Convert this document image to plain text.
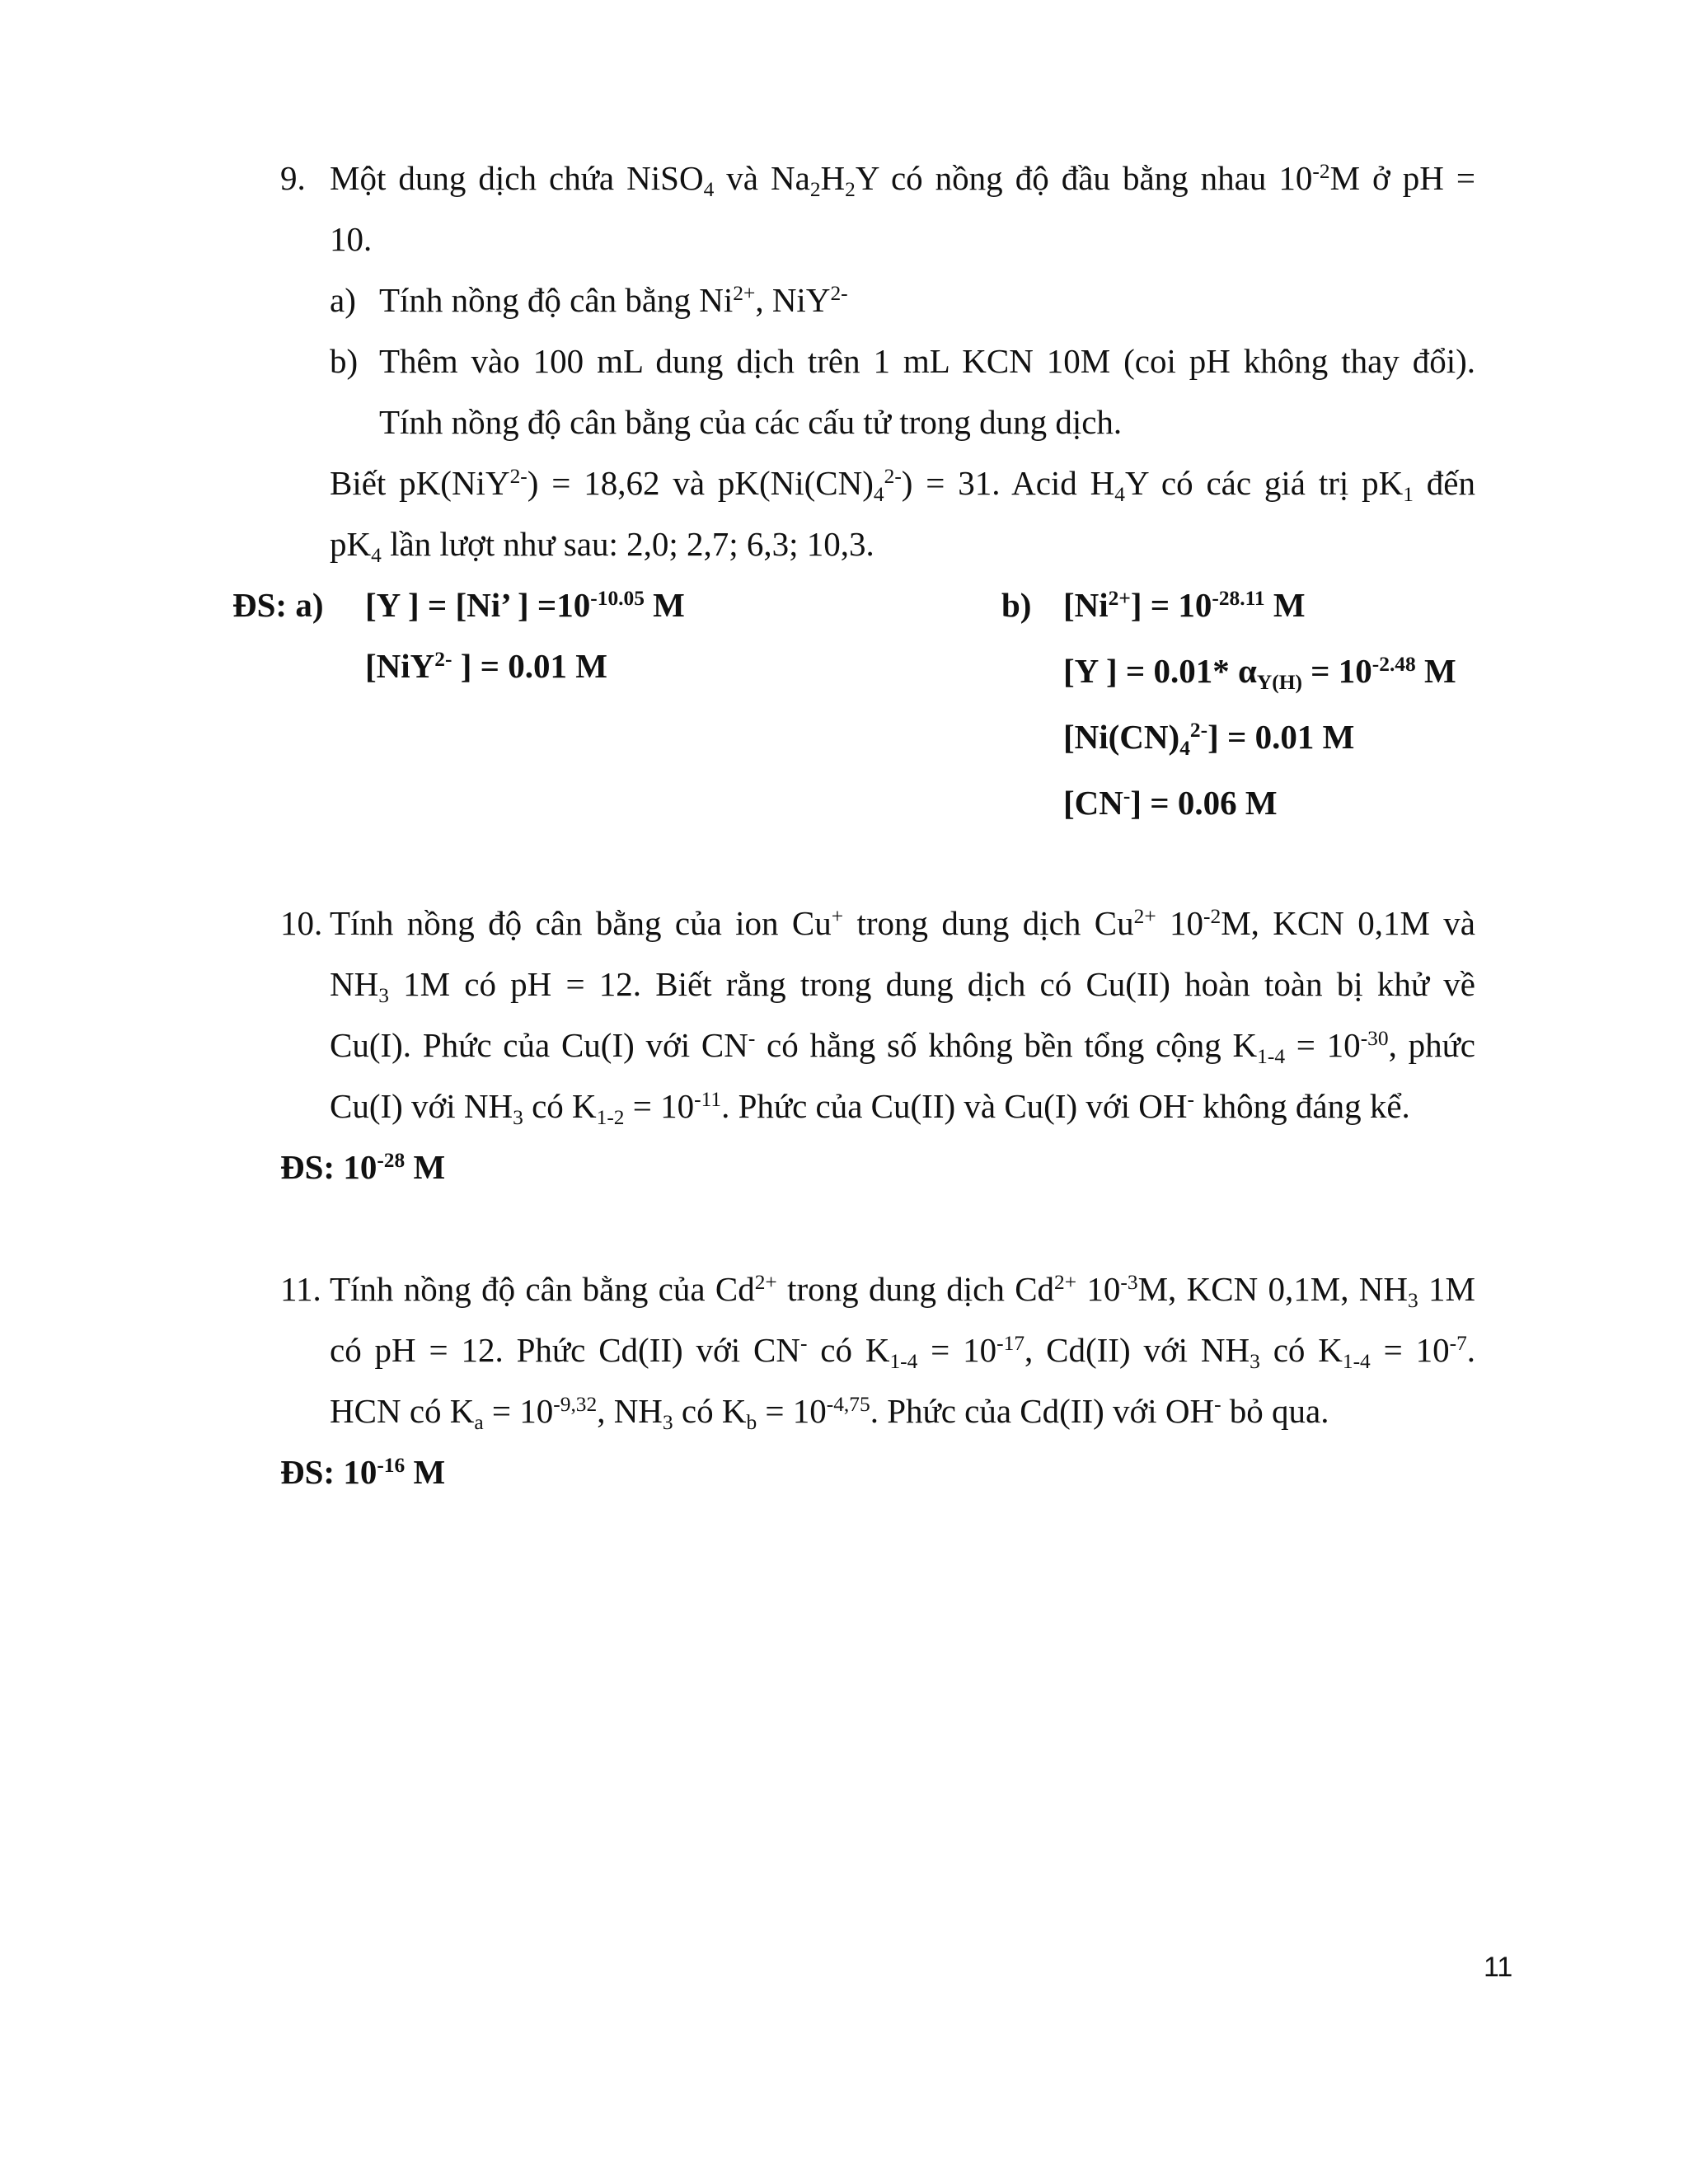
9. Một dung dịch chứa NiSO$_4$ và $Na_2H_2Y$ có nồng độ đầu bằng nhau $10^{-2}M$ ở pH =
10.
a) Tính nồng độ cân bằng $Ni^{2+}$, NiY$^{2-}$
b) Thêm vào 100 mL dung dịch trên 1 mL KCN 10M (coi pH không thay đổi).
Tính nồng độ cân bằng của các cấu tử trong dung dịch.
Biết pK(NiY$^{2-}$) = 18,62 và $pK(Ni(CN)_4^{2-}) = 31$. Acid $H_4Y$ có các giá trị $pK_1$ đến
$pK_4$ lần lượt như sau: 2,0; 2,7; 6,3; 10,3.
ĐS: a) [Y ] = [Ni’ ] $=10^{-10.05}$ M
[NiY$^{2-}$ ] = 0.01 M
b) $[Ni^{2+}] = 10^{-28.11}$ M
[Y ] = 0.01* $\alpha_{Y(H)} = 10^{-2.48}$ M
$[Ni(CN)_4^{2-}] = 0.01$ M
[CN-] = 0.06 M
10. Tính nồng độ cân bằng của ion Cu+ trong dung dịch $Cu^{2+}$ $10^{-2}M$, KCN 0,1M và
$NH_3$ 1M có pH = 12. Biết rằng trong dung dịch có Cu(II) hoàn toàn bị khử về
Cu(I). Phức của Cu(I) với CN- có hằng số không bền tổng cộng $K_{1-4} = 10^{-30}$, phức
Cu(I) với $NH_3$ có $K_{1-2} = 10^{-11}$. Phức của Cu(II) và Cu(I) với OH- không đáng kể.
ĐS: $10^{-28}$ M
11. Tính nồng độ cân bằng của $Cd^{2+}$ trong dung dịch $Cd^{2+}$ $10^{-3}M$, KCN 0,1M, $NH_3$ 1M
có pH = 12. Phức Cd(II) với CN- có $K_{1-4} = 10^{-17}$, Cd(II) với $NH_3$ có $K_{1-4} = 10^{-7}$.
HCN có $K_a = 10^{-9,32}$, $NH_3$ có $K_b = 10^{-4,75}$. Phức của Cd(II) với OH- bỏ qua.
ĐS: $10^{-16}$ M
11
